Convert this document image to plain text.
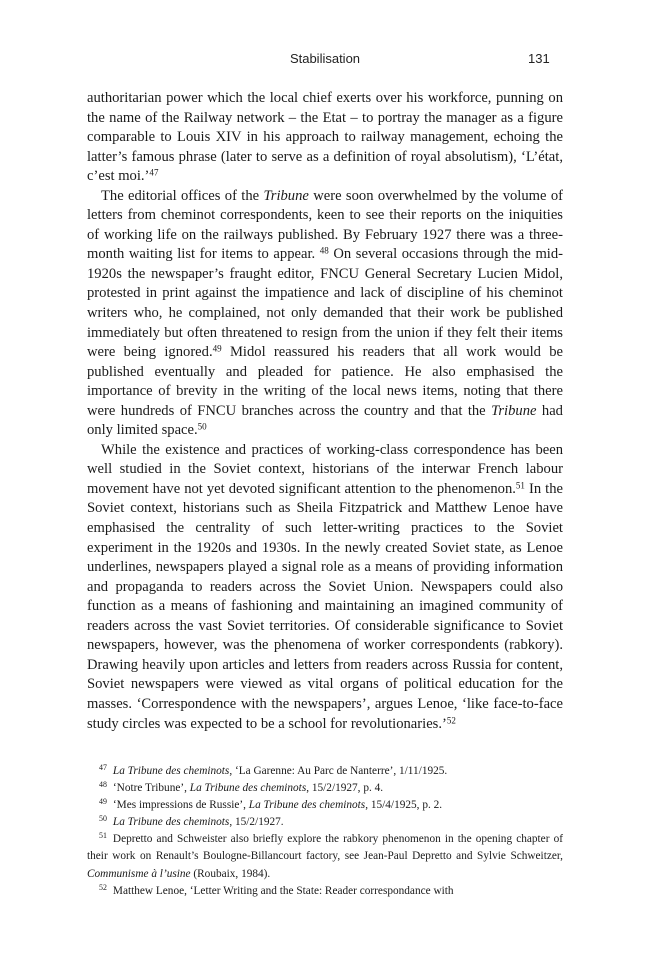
Stabilisation	131

authoritarian power which the local chief exerts over his workforce, punning on the name of the Railway network – the Etat – to portray the manager as a figure comparable to Louis XIV in his approach to railway management, echoing the latter’s famous phrase (later to serve as a definition of royal absolutism), ‘L’état, c’est moi.’$^{47}$

The editorial offices of the Tribune were soon overwhelmed by the volume of letters from cheminot correspondents, keen to see their reports on the iniquities of working life on the railways published. By February 1927 there was a three-month waiting list for items to appear. $^{48}$ On several occasions through the mid-1920s the newspaper’s fraught editor, FNCU General Secretary Lucien Midol, protested in print against the impatience and lack of discipline of his cheminot writers who, he complained, not only demanded that their work be published immediately but often threatened to resign from the union if they felt their items were being ignored.$^{49}$ Midol reassured his readers that all work would be published eventually and pleaded for patience. He also emphasised the importance of brevity in the writing of the local news items, noting that there were hundreds of FNCU branches across the country and that the Tribune had only limited space.$^{50}$

While the existence and practices of working-class correspondence has been well studied in the Soviet context, historians of the interwar French labour movement have not yet devoted significant attention to the phenomenon.$^{51}$ In the Soviet context, historians such as Sheila Fitzpatrick and Matthew Lenoe have emphasised the centrality of such letter-writing practices to the Soviet experiment in the 1920s and 1930s. In the newly created Soviet state, as Lenoe underlines, newspapers played a signal role as a means of providing information and propaganda to readers across the Soviet Union. Newspapers could also function as a means of fashioning and maintaining an imagined community of readers across the vast Soviet territories. Of considerable significance to Soviet newspapers, however, was the phenomena of worker correspondents (rabkory). Drawing heavily upon articles and letters from readers across Russia for content, Soviet newspapers were viewed as vital organs of political education for the masses. ‘Correspondence with the newspapers’, argues Lenoe, ‘like face-to-face study circles was expected to be a school for revolutionaries.’$^{52}$

$^{47}$ La Tribune des cheminots, ‘La Garenne: Au Parc de Nanterre’, 1/11/1925.

$^{48}$ ‘Notre Tribune’, La Tribune des cheminots, 15/2/1927, p. 4.

$^{49}$ ‘Mes impressions de Russie’, La Tribune des cheminots, 15/4/1925, p. 2.

$^{50}$ La Tribune des cheminots, 15/2/1927.

$^{51}$ Depretto and Schweister also briefly explore the rabkory phenomenon in the opening chapter of their work on Renault’s Boulogne-Billancourt factory, see Jean-Paul Depretto and Sylvie Schweitzer, Communisme à l’usine (Roubaix, 1984).

$^{52}$ Matthew Lenoe, ‘Letter Writing and the State: Reader correspondance with
